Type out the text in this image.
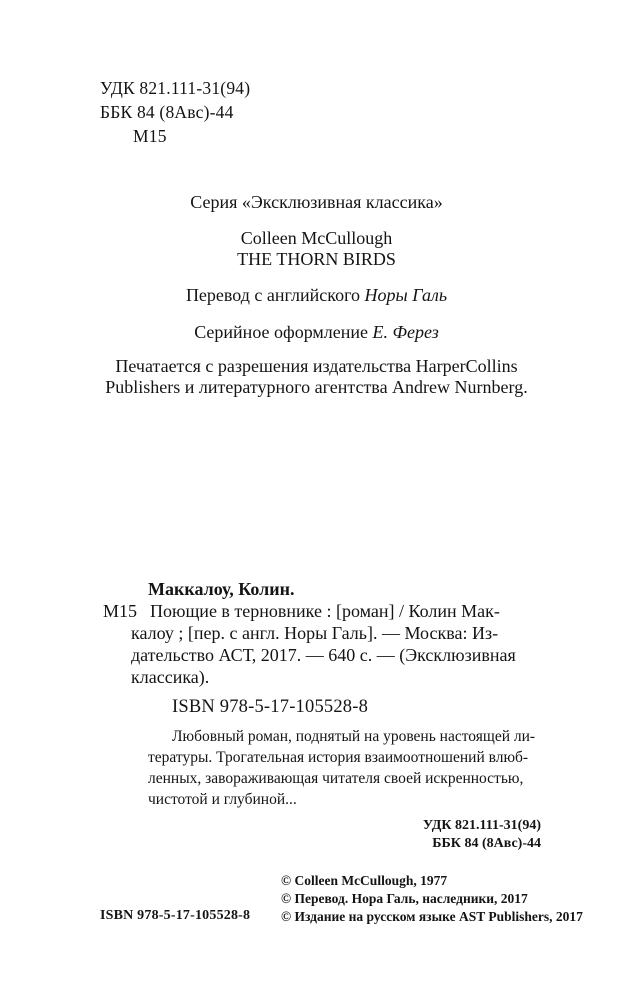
УДК 821.111-31(94)
ББК 84 (8Авс)-44
М15
Серия «Эксклюзивная классика»
Colleen McCullough
THE THORN BIRDS
Перевод с английского Норы Галь
Серийное оформление Е. Ферез
Печатается с разрешения издательства HarperCollins
Publishers и литературного агентства Andrew Nurnberg.
Маккалоу, Колин.
М15 Поющие в терновнике : [роман] / Колин Мак-
калоу ; [пер. с англ. Норы Галь]. — Москва: Из-
дательство АСТ, 2017. — 640 с. — (Эксклюзивная
классика).
ISBN 978-5-17-105528-8
Любовный роман, поднятый на уровень настоящей ли-
тературы. Трогательная история взаимоотношений влюб-
ленных, завораживающая читателя своей искренностью,
чистотой и глубиной...
УДК 821.111-31(94)
ББК 84 (8Авс)-44
© Colleen McCullough, 1977
© Перевод. Нора Галь, наследники, 2017
© Издание на русском языке AST Publishers, 2017
ISBN 978-5-17-105528-8
